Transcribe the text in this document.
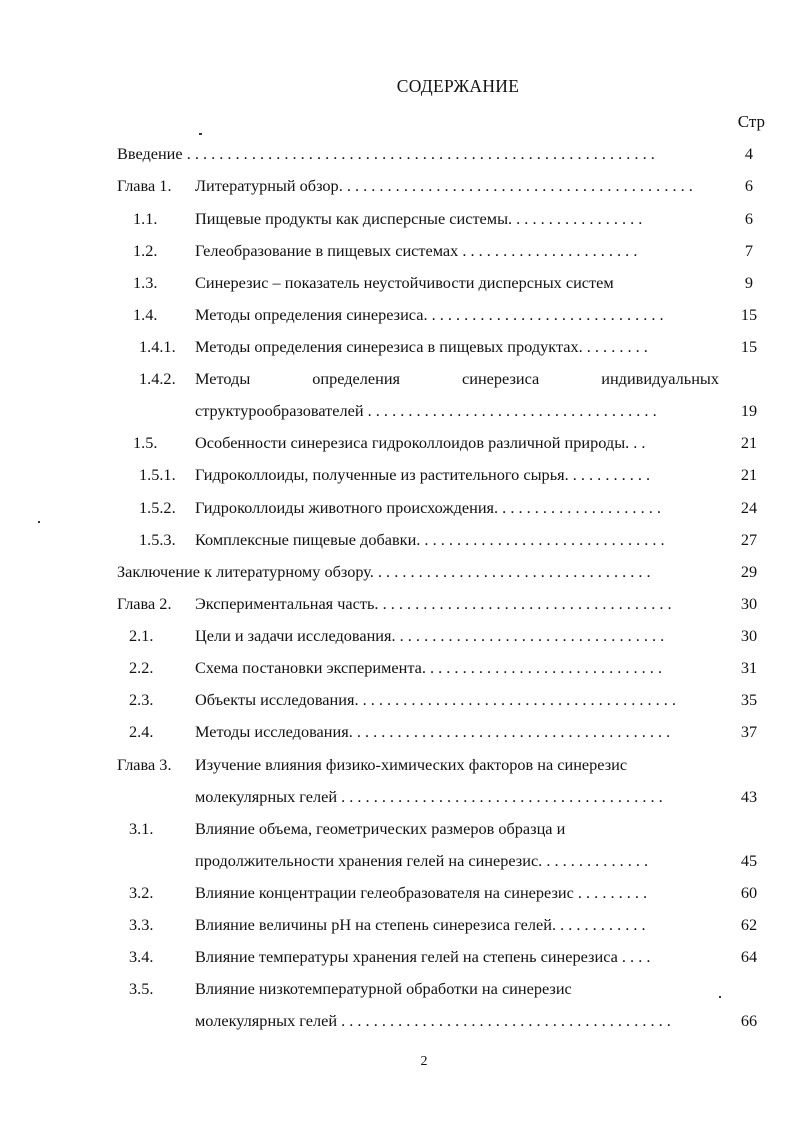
СОДЕРЖАНИЕ
Стр
Введение . . . . . . . . . . . . . . . . . . . . . . . . . . . . . . . . . . . . . . . . . . . . . . . . . . . . . . . . . .	4
Глава 1. Литературный обзор. . . . . . . . . . . . . . . . . . . . . . . . . . . . . . . . . . . . . . . . . . . .	6
1.1. Пищевые продукты как дисперсные системы. . . . . . . . . . . . . . . . .	6
1.2. Гелеобразование в пищевых системах . . . . . . . . . . . . . . . . . . . . . .	7
1.3. Синерезис – показатель неустойчивости дисперсных систем	9
1.4. Методы определения синерезиса. . . . . . . . . . . . . . . . . . . . . . . . . . . . . .	15
1.4.1. Методы определения синерезиса в пищевых продуктах. . . . . . . . .	15
1.4.2. Методы	определения	синерезиса	индивидуальных
структурообразователей . . . . . . . . . . . . . . . . . . . . . . . . . . . . . . . . . . . .	19
1.5. Особенности синерезиса гидроколлоидов различной природы. . .	21
1.5.1. Гидроколлоиды, полученные из растительного сырья. . . . . . . . . . .	21
1.5.2. Гидроколлоиды животного происхождения. . . . . . . . . . . . . . . . . . . . .	24
1.5.3. Комплексные пищевые добавки. . . . . . . . . . . . . . . . . . . . . . . . . . . . . . .	27
Заключение к литературному обзору. . . . . . . . . . . . . . . . . . . . . . . . . . . . . . . . . . .	29
Глава 2. Экспериментальная часть. . . . . . . . . . . . . . . . . . . . . . . . . . . . . . . . . . . . .	30
2.1.	Цели и задачи исследования. . . . . . . . . . . . . . . . . . . . . . . . . . . . . . . . . .	30
2.2.	Схема постановки эксперимента. . . . . . . . . . . . . . . . . . . . . . . . . . . . . .	31
2.3.	Объекты исследования. . . . . . . . . . . . . . . . . . . . . . . . . . . . . . . . . . . . . . . .	35
2.4.	Методы исследования. . . . . . . . . . . . . . . . . . . . . . . . . . . . . . . . . . . . . . . .	37
Глава 3. Изучение влияния физико-химических факторов на синерезис
молекулярных гелей . . . . . . . . . . . . . . . . . . . . . . . . . . . . . . . . . . . . . . . .	43
3.1.	Влияние объема, геометрических размеров образца и
продолжительности хранения гелей на синерезис. . . . . . . . . . . . . .	45
3.2.	Влияние концентрации гелеобразователя на синерезис . . . . . . . . .	60
3.3.	Влияние величины pH на степень синерезиса гелей. . . . . . . . . . . .	62
3.4.	Влияние температуры хранения гелей на степень синерезиса . . . .	64
3.5.	Влияние низкотемпературной обработки на синерезис
молекулярных гелей . . . . . . . . . . . . . . . . . . . . . . . . . . . . . . . . . . . . . . . . .	66
2
